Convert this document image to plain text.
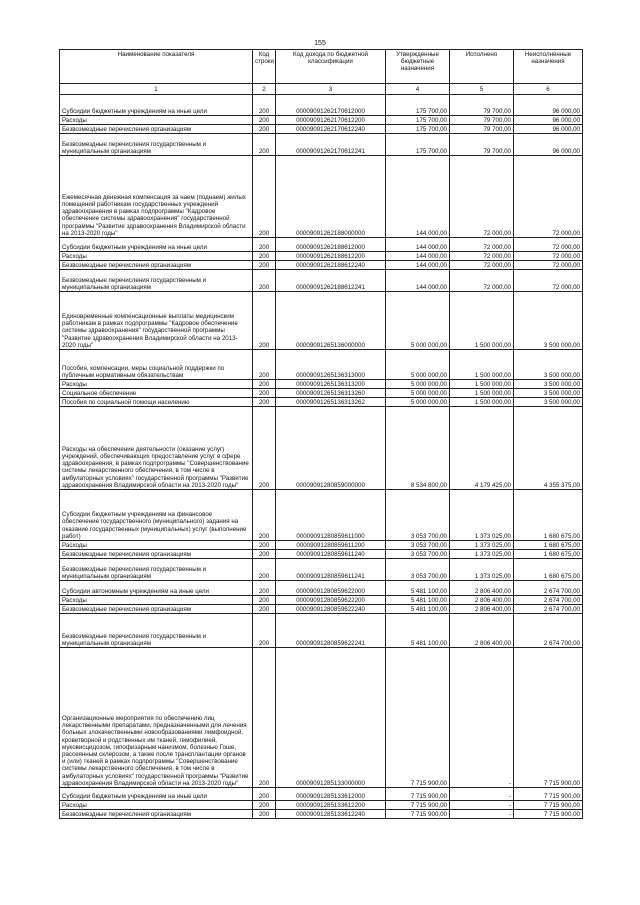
155
Наименование показателя	Код строки	Код дохода по бюджетной классификации	Утвержденные бюджетные назначения	Исполнено	Неисполненные назначения
1	2	3	4	5	6
Субсидии бюджетным учреждениям на иные цели	200	00009091262170612000	175 700,00	79 700,00	96 000,00
Расходы	200	00009091262170612200	175 700,00	79 700,00	96 000,00
Безвозмездные перечисления организациям	200	00009091262170612240	175 700,00	79 700,00	96 000,00
Безвозмездные перечисления государственным и муниципальным организациям	200	00009091262170612241	175 700,00	79 700,00	96 000,00
Ежемесячная денежная компенсация за наем (поднаем) жилых помещений работникам государственных учреждений здравоохранения в рамках подпрограммы "Кадровое обеспечение системы здравоохранения" государственной программы "Развитие здравоохранения Владимирской области на 2013-2020 годы"	200	00009091262188000000	144 000,00	72 000,00	72 000,00
Субсидии бюджетным учреждениям на иные цели	200	00009091262188612000	144 000,00	72 000,00	72 000,00
Расходы	200	00009091262188612200	144 000,00	72 000,00	72 000,00
Безвозмездные перечисления организациям	200	00009091262188612240	144 000,00	72 000,00	72 000,00
Безвозмездные перечисления государственным и муниципальным организациям	200	00009091262188612241	144 000,00	72 000,00	72 000,00
Единовременные компенсационные выплаты медицинским работникам в рамках подпрограммы "Кадровое обеспечение системы здравоохранения" государственной программы "Развитие здравоохранения Владимирской области на 2013-2020 годы"	200	00009091265136000000	5 000 000,00	1 500 000,00	3 500 000,00
Пособия, компенсации, меры социальной поддержки по публичным нормативным обязательствам	200	00009091265136313000	5 000 000,00	1 500 000,00	3 500 000,00
Расходы	200	00009091265136313200	5 000 000,00	1 500 000,00	3 500 000,00
Социальное обеспечение	200	00009091265136313260	5 000 000,00	1 500 000,00	3 500 000,00
Пособия по социальной помощи населению	200	00009091265136313262	5 000 000,00	1 500 000,00	3 500 000,00
Расходы на обеспечение деятельности (оказание услуг) учреждений, обеспечивающих предоставление услуг в сфере здравоохранения, в рамках подпрограммы "Совершенствование системы лекарственного обеспечения, в том числе в амбулаторных условиях" государственной программы "Развитие здравоохранения Владимирской области на 2013-2020 годы"	200	00009091280859000000	8 534 800,00	4 179 425,00	4 355 375,00
Субсидии бюджетным учреждениям на финансовое обеспечение государственного (муниципального) задания на оказание государственных (муниципальных) услуг (выполнение работ)	200	00009091280859611000	3 053 700,00	1 373 025,00	1 680 675,00
Расходы	200	00009091280859611200	3 053 700,00	1 373 025,00	1 680 675,00
Безвозмездные перечисления организациям	200	00009091280859611240	3 053 700,00	1 373 025,00	1 680 675,00
Безвозмездные перечисления государственным и муниципальным организациям	200	00009091280859611241	3 053 700,00	1 373 025,00	1 680 675,00
Субсидии автономным учреждениям на иные цели	200	00009091280859622000	5 481 100,00	2 806 400,00	2 674 700,00
Расходы	200	00009091280859622200	5 481 100,00	2 806 400,00	2 674 700,00
Безвозмездные перечисления организациям	200	00009091280859622240	5 481 100,00	2 806 400,00	2 674 700,00
Безвозмездные перечисления государственным и муниципальным организациям	200	00009091280859622241	5 481 100,00	2 806 400,00	2 674 700,00
Организационные мероприятия по обеспечению лиц лекарственными препаратами, предназначенными для лечения больных злокачественными новообразованиями лимфоидной, кроветворной и родственных им тканей, гемофилией, муковисцидозом, гипофизарным нанизмом, болезнью Гоше, рассеянным склерозом, а также после трансплантации органов и (или) тканей в рамках подпрограммы "Совершенствование системы лекарственного обеспечения, в том числе в амбулаторных условиях" государственной программы "Развитие здравоохранения Владимирской области на 2013-2020 годы"	200	00009091285133000000	7 715 900,00	-	7 715 900,00
Субсидии бюджетным учреждениям на иные цели	200	00009091285133612000	7 715 900,00	-	7 715 900,00
Расходы	200	00009091285133612200	7 715 900,00	-	7 715 900,00
Безвозмездные перечисления организациям	200	00009091285133612240	7 715 900,00	-	7 715 900,00
